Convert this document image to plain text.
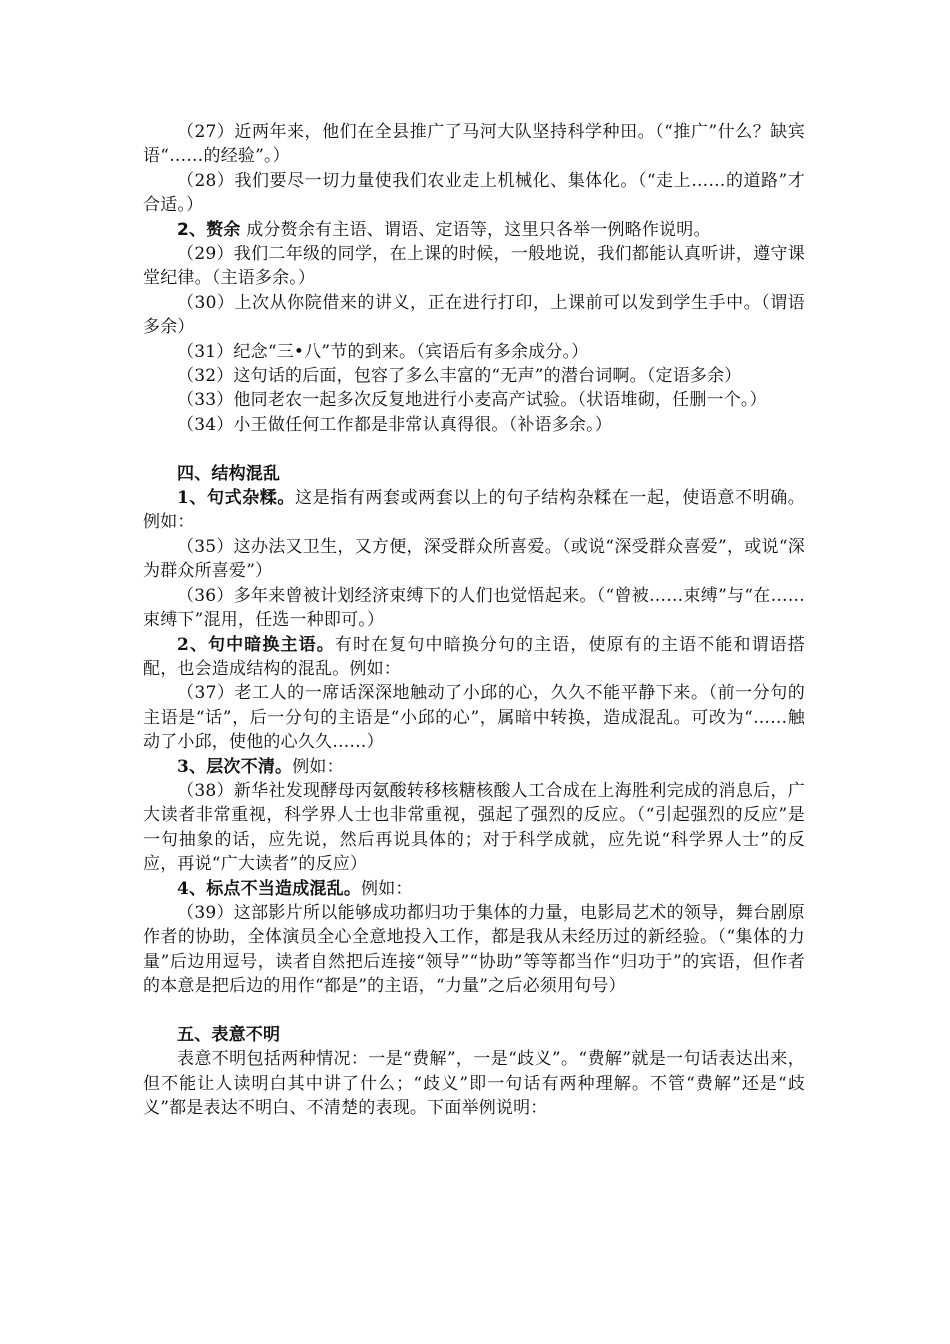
（27）近两年来，他们在全县推广了马河大队坚持科学种田。（“推广”什么？缺宾语“……的经验”。）

（28）我们要尽一切力量使我们农业走上机械化、集体化。（“走上……的道路”才合适。）

2、赘余 成分赘余有主语、谓语、定语等，这里只各举一例略作说明。

（29）我们二年级的同学，在上课的时候，一般地说，我们都能认真听讲，遵守课堂纪律。（主语多余。）

（30）上次从你院借来的讲义，正在进行打印，上课前可以发到学生手中。（谓语多余）

（31）纪念“三•八”节的到来。（宾语后有多余成分。）

（32）这句话的后面，包容了多么丰富的“无声”的潜台词啊。（定语多余）

（33）他同老农一起多次反复地进行小麦高产试验。（状语堆砌，任删一个。）

（34）小王做任何工作都是非常认真得很。（补语多余。）

四、结构混乱

1、句式杂糅。这是指有两套或两套以上的句子结构杂糅在一起，使语意不明确。例如：

（35）这办法又卫生，又方便，深受群众所喜爱。（或说“深受群众喜爱”，或说“深为群众所喜爱”）

（36）多年来曾被计划经济束缚下的人们也觉悟起来。（“曾被……束缚”与“在……束缚下”混用，任选一种即可。）

2、句中暗换主语。有时在复句中暗换分句的主语，使原有的主语不能和谓语搭配，也会造成结构的混乱。例如：

（37）老工人的一席话深深地触动了小邱的心，久久不能平静下来。（前一分句的主语是“话”，后一分句的主语是“小邱的心”，属暗中转换，造成混乱。可改为“……触动了小邱，使他的心久久……）

3、层次不清。例如：

（38）新华社发现酵母丙氨酸转移核糖核酸人工合成在上海胜利完成的消息后，广大读者非常重视，科学界人士也非常重视，强起了强烈的反应。（“引起强烈的反应”是一句抽象的话，应先说，然后再说具体的；对于科学成就，应先说“科学界人士”的反应，再说“广大读者”的反应）

4、标点不当造成混乱。例如：

（39）这部影片所以能够成功都归功于集体的力量，电影局艺术的领导，舞台剧原作者的协助，全体演员全心全意地投入工作，都是我从未经历过的新经验。（“集体的力量”后边用逗号，读者自然把后连接“领导”“协助”等等都当作“归功于”的宾语，但作者的本意是把后边的用作“都是”的主语，“力量”之后必须用句号）

五、表意不明

表意不明包括两种情况：一是“费解”，一是“歧义”。“费解”就是一句话表达出来，但不能让人读明白其中讲了什么；“歧义”即一句话有两种理解。不管“费解”还是“歧义”都是表达不明白、不清楚的表现。下面举例说明：
